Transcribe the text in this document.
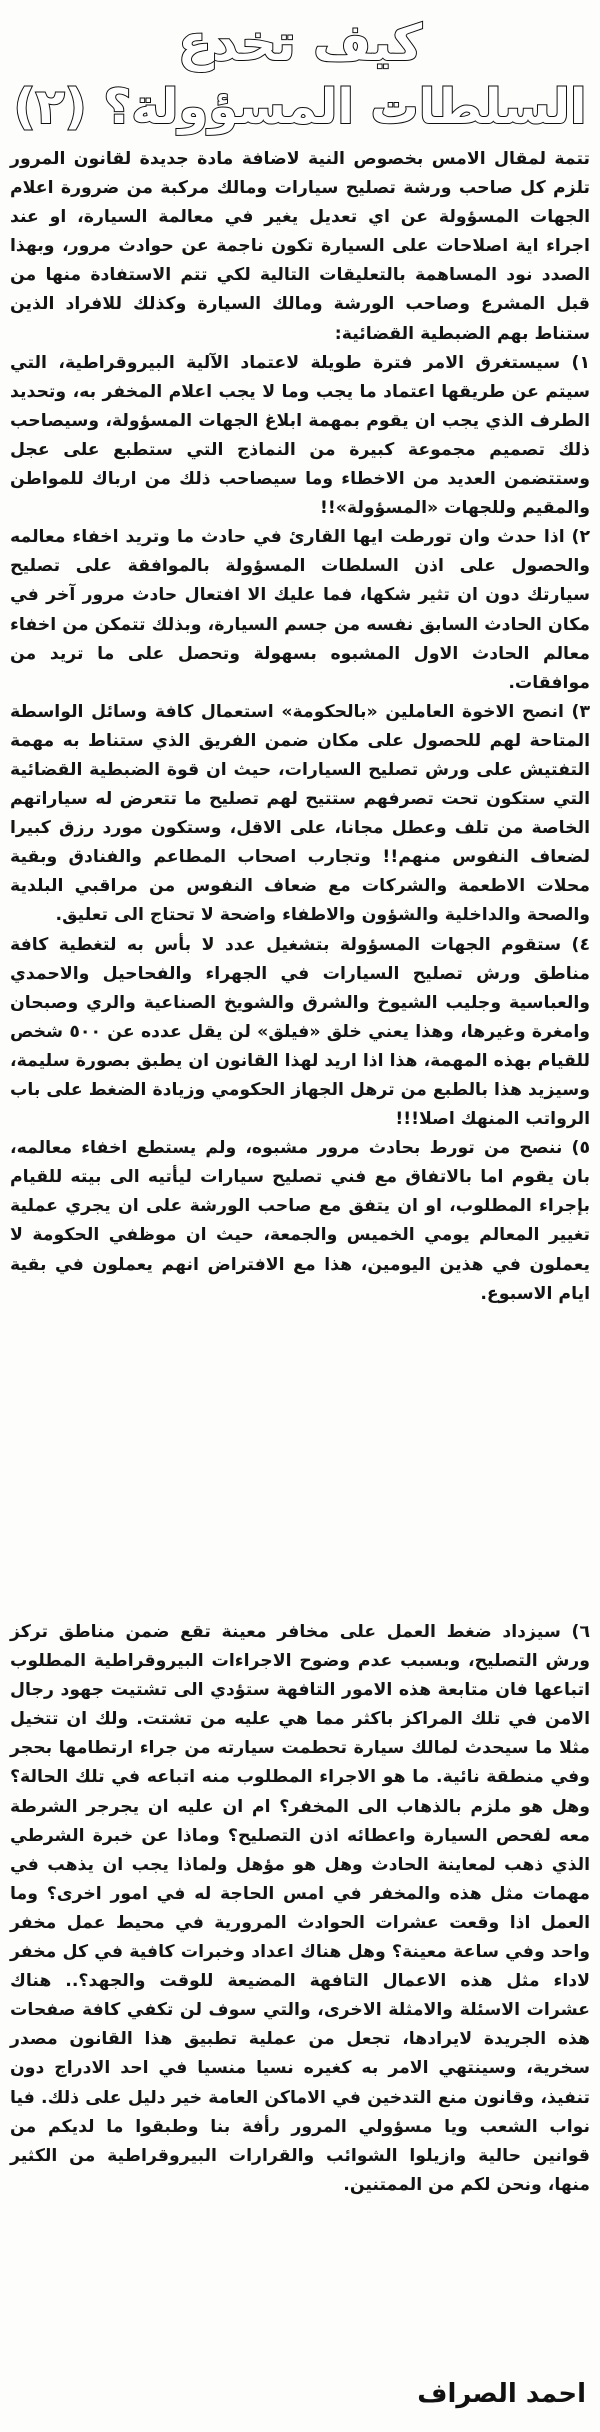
كيف تخدع
السلطات المسؤولة؟ (٢)

تتمة لمقال الامس بخصوص النية لاضافة مادة جديدة لقانون المرور تلزم كل صاحب ورشة تصليح سيارات ومالك مركبة من ضرورة اعلام الجهات المسؤولة عن اي تعديل يغير في معالمة السيارة، او عند اجراء اية اصلاحات على السيارة تكون ناجمة عن حوادث مرور، وبهذا الصدد نود المساهمة بالتعليقات التالية لكي تتم الاستفادة منها من قبل المشرع وصاحب الورشة ومالك السيارة وكذلك للافراد الذين ستناط بهم الضبطية القضائية:

١) سيستغرق الامر فترة طويلة لاعتماد الآلية البيروقراطية، التي سيتم عن طريقها اعتماد ما يجب وما لا يجب اعلام المخفر به، وتحديد الطرف الذي يجب ان يقوم بمهمة ابلاغ الجهات المسؤولة، وسيصاحب ذلك تصميم مجموعة كبيرة من النماذج التي ستطبع على عجل وستتضمن العديد من الاخطاء وما سيصاحب ذلك من ارباك للمواطن والمقيم وللجهات «المسؤولة»!!

٢) اذا حدث وان تورطت ايها القارئ في حادث ما وتريد اخفاء معالمه والحصول على اذن السلطات المسؤولة بالموافقة على تصليح سيارتك دون ان تثير شكها، فما عليك الا افتعال حادث مرور آخر في مكان الحادث السابق نفسه من جسم السيارة، وبذلك تتمكن من اخفاء معالم الحادث الاول المشبوه بسهولة وتحصل على ما تريد من موافقات.

٣) انصح الاخوة العاملين «بالحكومة» استعمال كافة وسائل الواسطة المتاحة لهم للحصول على مكان ضمن الفريق الذي ستناط به مهمة التفتيش على ورش تصليح السيارات، حيث ان قوة الضبطية القضائية التي ستكون تحت تصرفهم ستتيح لهم تصليح ما تتعرض له سياراتهم الخاصة من تلف وعطل مجانا، على الاقل، وستكون مورد رزق كبيرا لضعاف النفوس منهم!! وتجارب اصحاب المطاعم والفنادق وبقية محلات الاطعمة والشركات مع ضعاف النفوس من مراقبي البلدية والصحة والداخلية والشؤون والاطفاء واضحة لا تحتاج الى تعليق.

٤) ستقوم الجهات المسؤولة بتشغيل عدد لا بأس به لتغطية كافة مناطق ورش تصليح السيارات في الجهراء والفحاحيل والاحمدي والعباسية وجليب الشيوخ والشرق والشويخ الصناعية والري وصبحان وامغرة وغيرها، وهذا يعني خلق «فيلق» لن يقل عدده عن ٥٠٠ شخص للقيام بهذه المهمة، هذا اذا اريد لهذا القانون ان يطبق بصورة سليمة، وسيزيد هذا بالطبع من ترهل الجهاز الحكومي وزيادة الضغط على باب الرواتب المنهك اصلا!!!

٥) ننصح من تورط بحادث مرور مشبوه، ولم يستطع اخفاء معالمه، بان يقوم اما بالاتفاق مع فني تصليح سيارات ليأتيه الى بيته للقيام بإجراء المطلوب، او ان يتفق مع صاحب الورشة على ان يجري عملية تغيير المعالم يومي الخميس والجمعة، حيث ان موظفي الحكومة لا يعملون في هذين اليومين، هذا مع الافتراض انهم يعملون في بقية ايام الاسبوع.

٦) سيزداد ضغط العمل على مخافر معينة تقع ضمن مناطق تركز ورش التصليح، وبسبب عدم وضوح الاجراءات البيروقراطية المطلوب اتباعها فان متابعة هذه الامور التافهة ستؤدي الى تشتيت جهود رجال الامن في تلك المراكز باكثر مما هي عليه من تشتت. ولك ان تتخيل مثلا ما سيحدث لمالك سيارة تحطمت سيارته من جراء ارتطامها بحجر وفي منطقة نائية. ما هو الاجراء المطلوب منه اتباعه في تلك الحالة؟ وهل هو ملزم بالذهاب الى المخفر؟ ام ان عليه ان يجرجر الشرطة معه لفحص السيارة واعطائه اذن التصليح؟ وماذا عن خبرة الشرطي الذي ذهب لمعاينة الحادث وهل هو مؤهل ولماذا يجب ان يذهب في مهمات مثل هذه والمخفر في امس الحاجة له في امور اخرى؟ وما العمل اذا وقعت عشرات الحوادث المرورية في محيط عمل مخفر واحد وفي ساعة معينة؟ وهل هناك اعداد وخبرات كافية في كل مخفر لاداء مثل هذه الاعمال التافهة المضيعة للوقت والجهد؟.. هناك عشرات الاسئلة والامثلة الاخرى، والتي سوف لن تكفي كافة صفحات هذه الجريدة لايرادها، تجعل من عملية تطبيق هذا القانون مصدر سخرية، وسينتهي الامر به كغيره نسيا منسيا في احد الادراج دون تنفيذ، وقانون منع التدخين في الاماكن العامة خير دليل على ذلك. فيا نواب الشعب ويا مسؤولي المرور رأفة بنا وطبقوا ما لديكم من قوانين حالية وازيلوا الشوائب والقرارات البيروقراطية من الكثير منها، ونحن لكم من الممتنين.

احمد الصراف
